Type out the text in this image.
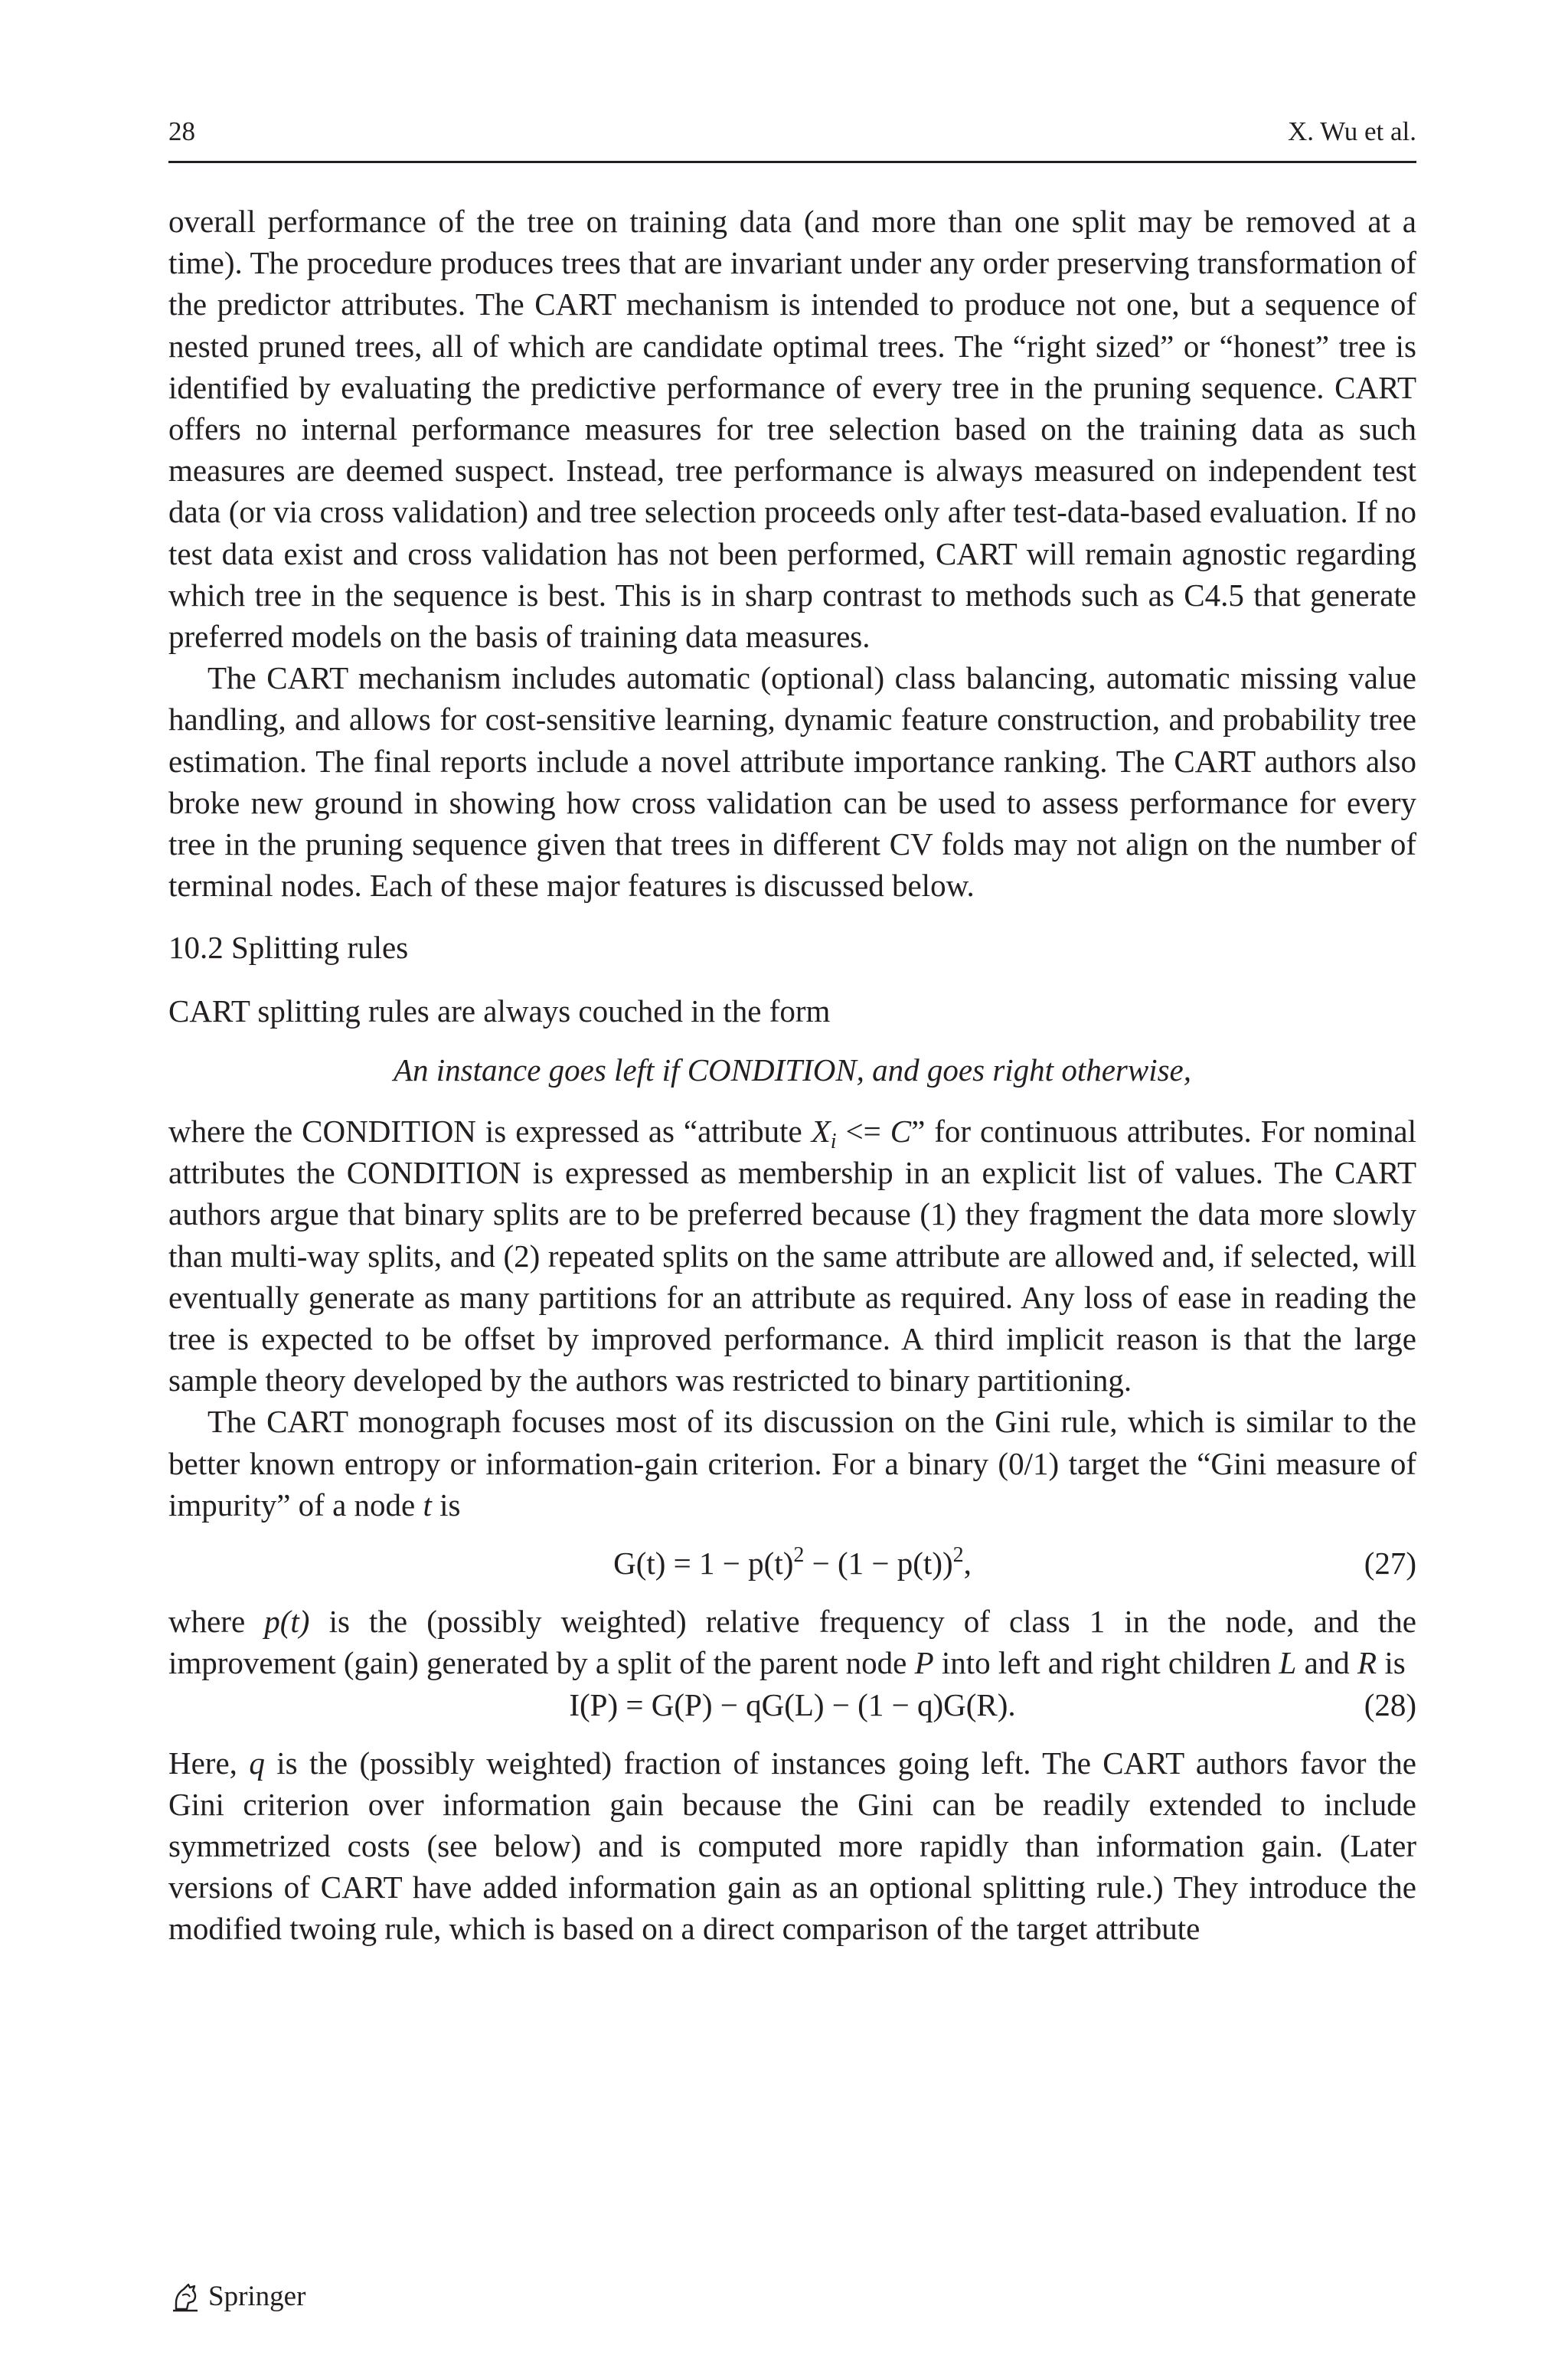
28	X. Wu et al.

overall performance of the tree on training data (and more than one split may be removed at a time). The procedure produces trees that are invariant under any order preserving transformation of the predictor attributes. The CART mechanism is intended to produce not one, but a sequence of nested pruned trees, all of which are candidate optimal trees. The “right sized” or “honest” tree is identified by evaluating the predictive performance of every tree in the pruning sequence. CART offers no internal performance measures for tree selection based on the training data as such measures are deemed suspect. Instead, tree performance is always measured on independent test data (or via cross validation) and tree selection proceeds only after test-data-based evaluation. If no test data exist and cross validation has not been performed, CART will remain agnostic regarding which tree in the sequence is best. This is in sharp contrast to methods such as C4.5 that generate preferred models on the basis of training data measures.

The CART mechanism includes automatic (optional) class balancing, automatic missing value handling, and allows for cost-sensitive learning, dynamic feature construction, and probability tree estimation. The final reports include a novel attribute importance ranking. The CART authors also broke new ground in showing how cross validation can be used to assess performance for every tree in the pruning sequence given that trees in different CV folds may not align on the number of terminal nodes. Each of these major features is discussed below.

10.2 Splitting rules

CART splitting rules are always couched in the form

An instance goes left if CONDITION, and goes right otherwise,

where the CONDITION is expressed as “attribute $X_i <= C$” for continuous attributes. For nominal attributes the CONDITION is expressed as membership in an explicit list of values. The CART authors argue that binary splits are to be preferred because (1) they fragment the data more slowly than multi-way splits, and (2) repeated splits on the same attribute are allowed and, if selected, will eventually generate as many partitions for an attribute as required. Any loss of ease in reading the tree is expected to be offset by improved performance. A third implicit reason is that the large sample theory developed by the authors was restricted to binary partitioning.

The CART monograph focuses most of its discussion on the Gini rule, which is similar to the better known entropy or information-gain criterion. For a binary (0/1) target the “Gini measure of impurity” of a node t is

$G(t) = 1 - p(t)^2 - (1 - p(t))^2$,	(27)

where p(t) is the (possibly weighted) relative frequency of class 1 in the node, and the improvement (gain) generated by a split of the parent node P into left and right children L and R is

I(P) = G(P) − qG(L) − (1 − q)G(R).	(28)

Here, q is the (possibly weighted) fraction of instances going left. The CART authors favor the Gini criterion over information gain because the Gini can be readily extended to include symmetrized costs (see below) and is computed more rapidly than information gain. (Later versions of CART have added information gain as an optional splitting rule.) They introduce the modified twoing rule, which is based on a direct comparison of the target attribute

Springer
